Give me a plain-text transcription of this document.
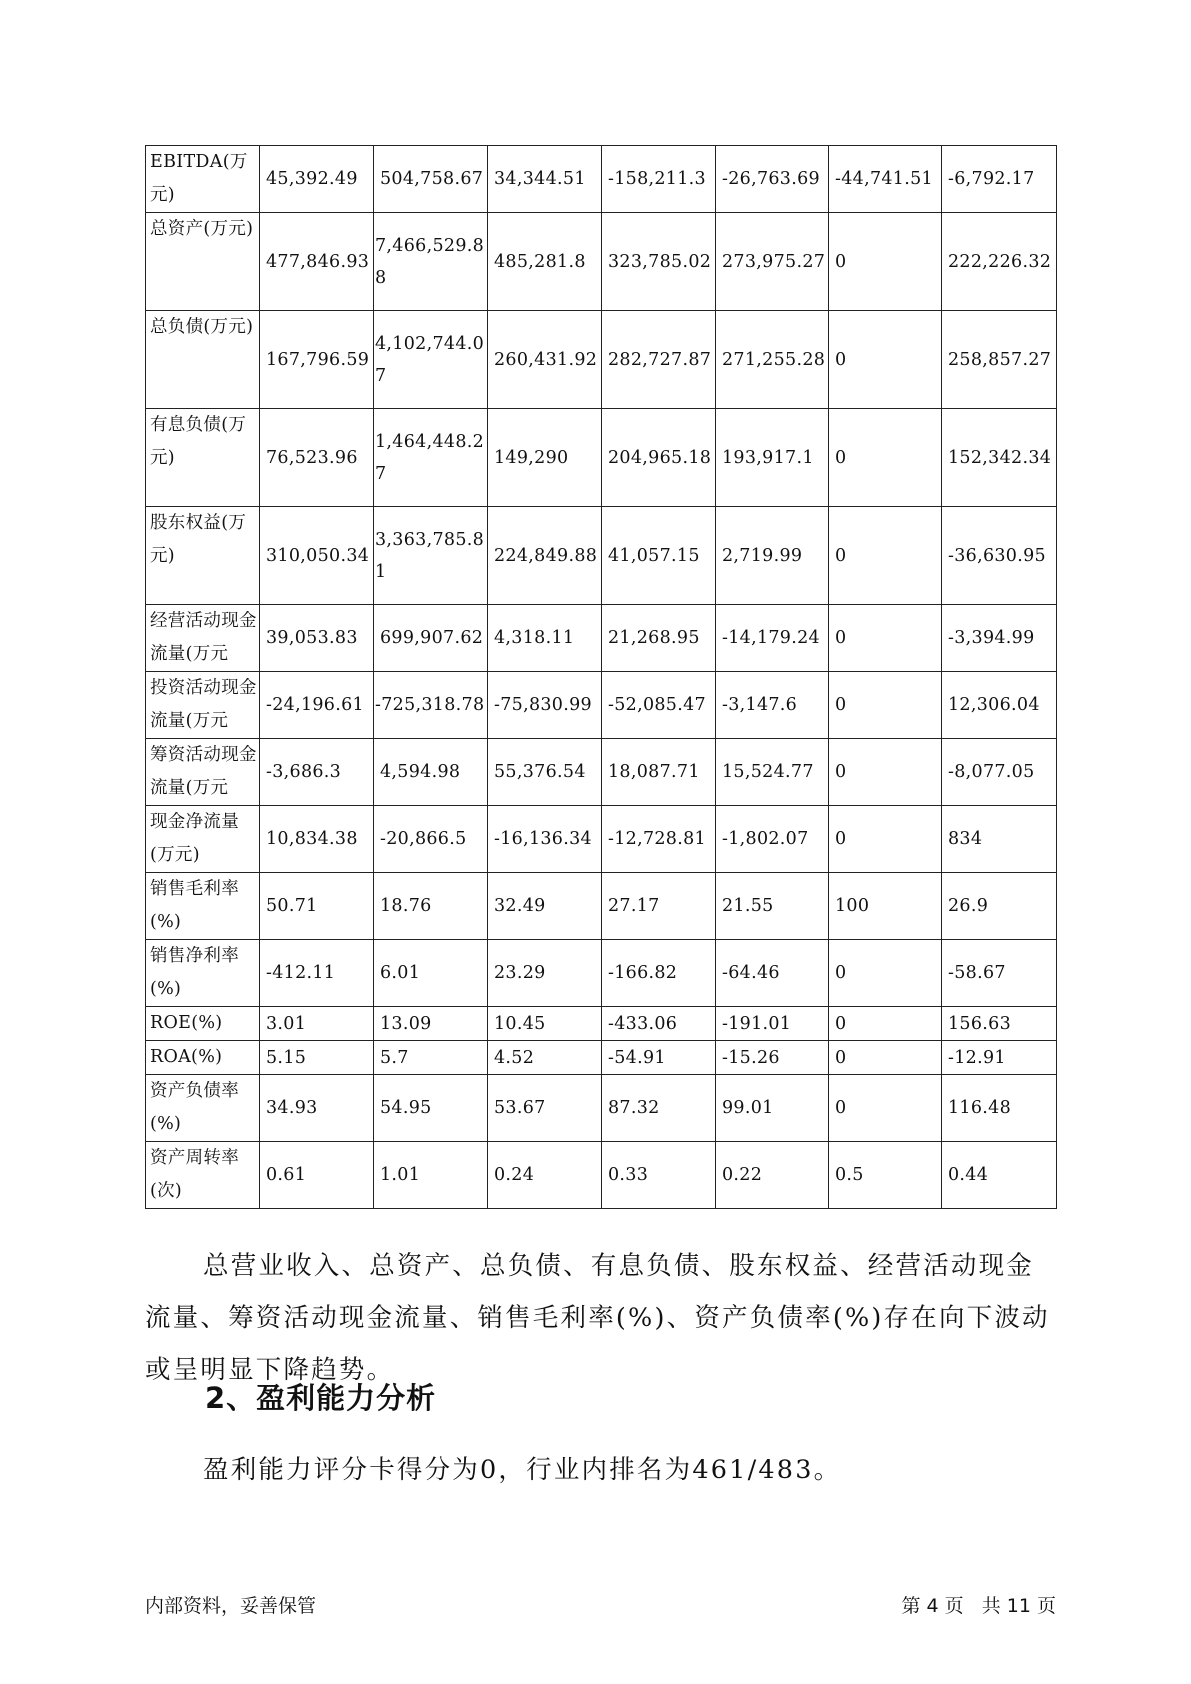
EBITDA(万元)	45,392.49	504,758.67	34,344.51	-158,211.3	-26,763.69	-44,741.51	-6,792.17
总资产(万元)	477,846.93	7,466,529.88	485,281.8	323,785.02	273,975.27	0	222,226.32
总负债(万元)	167,796.59	4,102,744.07	260,431.92	282,727.87	271,255.28	0	258,857.27
有息负债(万元)	76,523.96	1,464,448.27	149,290	204,965.18	193,917.1	0	152,342.34
股东权益(万元)	310,050.34	3,363,785.81	224,849.88	41,057.15	2,719.99	0	-36,630.95
经营活动现金流量(万元	39,053.83	699,907.62	4,318.11	21,268.95	-14,179.24	0	-3,394.99
投资活动现金流量(万元	-24,196.61	-725,318.78	-75,830.99	-52,085.47	-3,147.6	0	12,306.04
筹资活动现金流量(万元	-3,686.3	4,594.98	55,376.54	18,087.71	15,524.77	0	-8,077.05
现金净流量(万元)	10,834.38	-20,866.5	-16,136.34	-12,728.81	-1,802.07	0	834
销售毛利率(%)	50.71	18.76	32.49	27.17	21.55	100	26.9
销售净利率(%)	-412.11	6.01	23.29	-166.82	-64.46	0	-58.67
ROE(%)	3.01	13.09	10.45	-433.06	-191.01	0	156.63
ROA(%)	5.15	5.7	4.52	-54.91	-15.26	0	-12.91
资产负债率(%)	34.93	54.95	53.67	87.32	99.01	0	116.48
资产周转率(次)	0.61	1.01	0.24	0.33	0.22	0.5	0.44

总营业收入、总资产、总负债、有息负债、股东权益、经营活动现金流量、筹资活动现金流量、销售毛利率(%)、资产负债率(%)存在向下波动或呈明显下降趋势。

2、盈利能力分析

盈利能力评分卡得分为0，行业内排名为461/483。

内部资料，妥善保管	第 4 页   共 11 页
